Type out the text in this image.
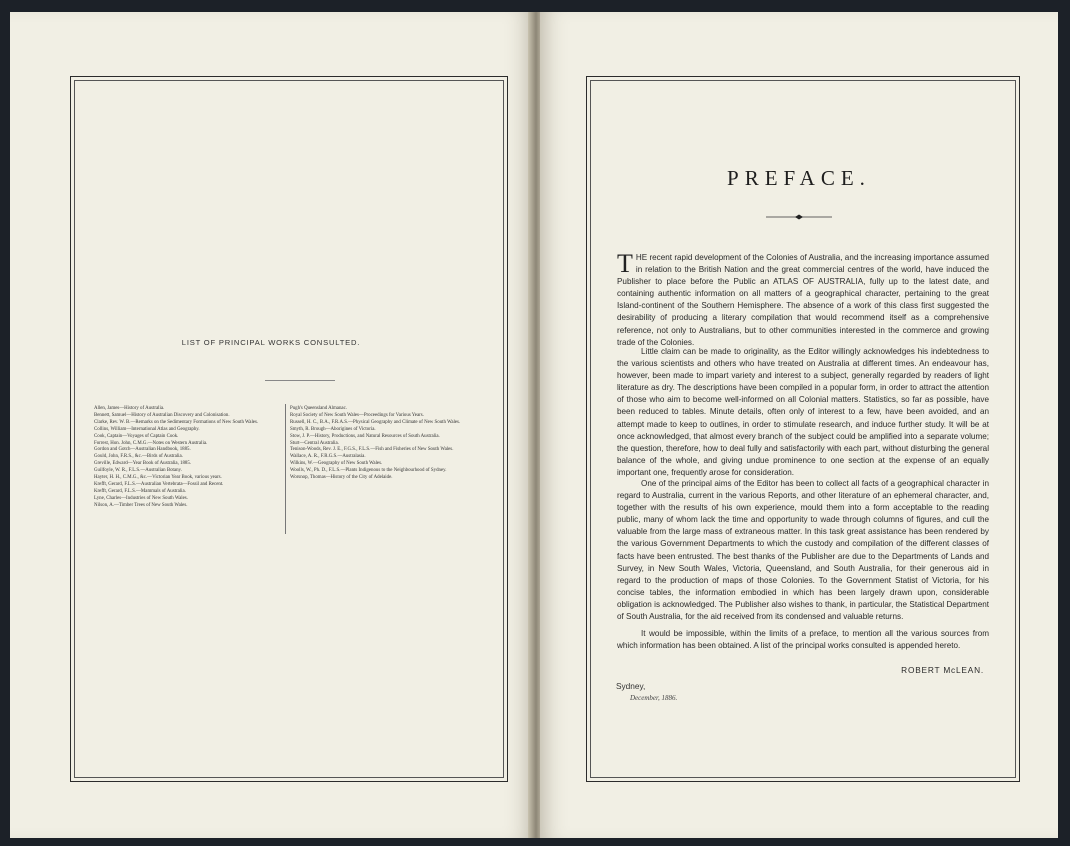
LIST OF PRINCIPAL WORKS CONSULTED.

Allen, James—History of Australia.

Bennett, Samuel—History of Australian Discovery and Colonisation.

Clarke, Rev. W. B.—Remarks on the Sedimentary Formations of New South Wales.

Collins, William—International Atlas and Geography.

Cook, Captain—Voyages of Captain Cook.

Forrest, Hon. John, C.M.G.—Notes on Western Australia.

Gordon and Gotch—Australian Handbook, 1885.

Gould, John, F.R.S., &c.—Birds of Australia.

Greville, Edward—Year Book of Australia, 1885.

Guilfoyle, W. R., F.L.S.—Australian Botany.

Hayter, H. H., C.M.G., &c.—Victorian Year Book, various years.

Krefft, Gerard, F.L.S.—Australian Vertebrata—Fossil and Recent.

Krefft, Gerard, F.L.S.—Mammals of Australia.

Lyne, Charles—Industries of New South Wales.

Nilson, A.—Timber Trees of New South Wales.

Pugh's Queensland Almanac.

Royal Society of New South Wales—Proceedings for Various Years.

Russell, H. C., B.A., F.R.A.S.—Physical Geography and Climate of New South Wales.

Smyth, R. Brough—Aborigines of Victoria.

Stow, J. P.—History, Productions, and Natural Resources of South Australia.

Sturt—Central Australia.

Tenison-Woods, Rev. J. E., F.G.S., F.L.S.—Fish and Fisheries of New South Wales.

Wallace, A. R., F.R.G.S.—Australasia.

Wilkins, W.—Geography of New South Wales.

Woolls, W., Ph. D., F.L.S.—Plants Indigenous to the Neighbourhood of Sydney.

Worsnop, Thomas—History of the City of Adelaide.

PREFACE.
THE recent rapid development of the Colonies of Australia, and the increasing importance assumed in relation to the British Nation and the great commercial centres of the world, have induced the Publisher to place before the Public an ATLAS OF AUSTRALIA, fully up to the latest date, and containing authentic information on all matters of a geographical character, pertaining to the great Island-continent of the Southern Hemisphere. The absence of a work of this class first suggested the desirability of producing a literary compilation that would recommend itself as a comprehensive reference, not only to Australians, but to other communities interested in the commerce and growing trade of the Colonies.
Little claim can be made to originality, as the Editor willingly acknowledges his indebtedness to the various scientists and others who have treated on Australia at different times. An endeavour has, however, been made to impart variety and interest to a subject, generally regarded by readers of light literature as dry. The descriptions have been compiled in a popular form, in order to attract the attention of those who aim to become well-informed on all Colonial matters. Statistics, so far as possible, have been reduced to tables. Minute details, often only of interest to a few, have been avoided, and an attempt made to keep to outlines, in order to stimulate research, and induce further study. It will be at once acknowledged, that almost every branch of the subject could be amplified into a separate volume; the question, therefore, how to deal fully and satisfactorily with each part, without disturbing the general balance of the whole, and giving undue prominence to one section at the expense of an equally important one, frequently arose for consideration.
One of the principal aims of the Editor has been to collect all facts of a geographical character in regard to Australia, current in the various Reports, and other literature of an ephemeral character, and, together with the results of his own experience, mould them into a form acceptable to the reading public, many of whom lack the time and opportunity to wade through columns of figures, and cull the valuable from the large mass of extraneous matter. In this task great assistance has been rendered by the various Government Departments to which the custody and compilation of the different classes of facts have been entrusted. The best thanks of the Publisher are due to the Departments of Lands and Survey, in New South Wales, Victoria, Queensland, and South Australia, for their generous aid in regard to the production of maps of those Colonies. To the Government Statist of Victoria, for his concise tables, the information embodied in which has been largely drawn upon, considerable obligation is acknowledged. The Publisher also wishes to thank, in particular, the Statistical Department of South Australia, for the aid received from its condensed and valuable returns.
It would be impossible, within the limits of a preface, to mention all the various sources from which information has been obtained. A list of the principal works consulted is appended hereto.
ROBERT McLEAN.
Sydney,
December, 1886.
